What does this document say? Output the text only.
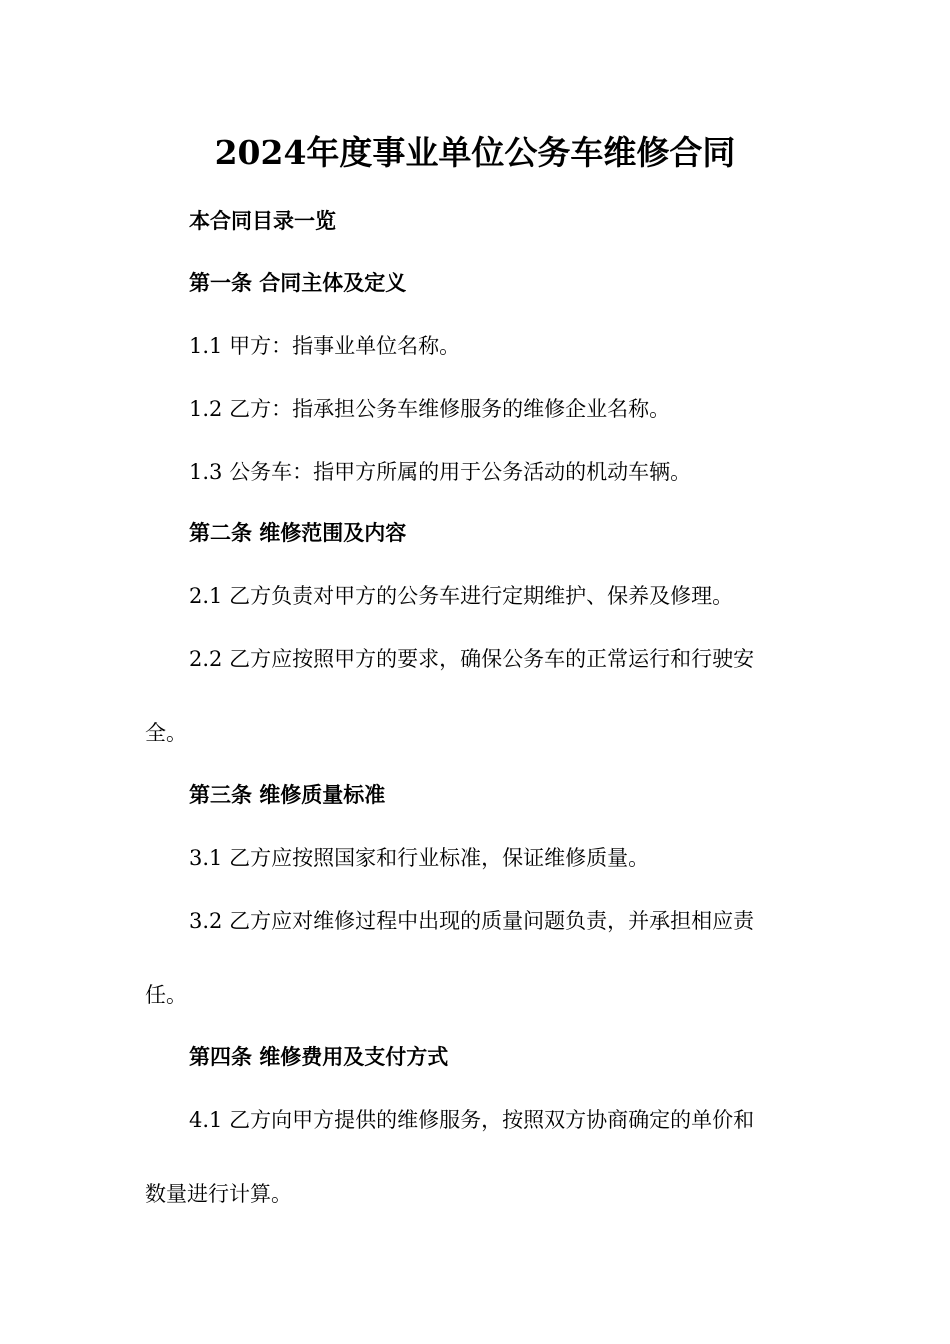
2024年度事业单位公务车维修合同
本合同目录一览
第一条 合同主体及定义
1.1 甲方：指事业单位名称。
1.2 乙方：指承担公务车维修服务的维修企业名称。
1.3 公务车：指甲方所属的用于公务活动的机动车辆。
第二条 维修范围及内容
2.1 乙方负责对甲方的公务车进行定期维护、保养及修理。
2.2 乙方应按照甲方的要求，确保公务车的正常运行和行驶安
全。
第三条 维修质量标准
3.1 乙方应按照国家和行业标准，保证维修质量。
3.2 乙方应对维修过程中出现的质量问题负责，并承担相应责
任。
第四条 维修费用及支付方式
4.1 乙方向甲方提供的维修服务，按照双方协商确定的单价和
数量进行计算。
